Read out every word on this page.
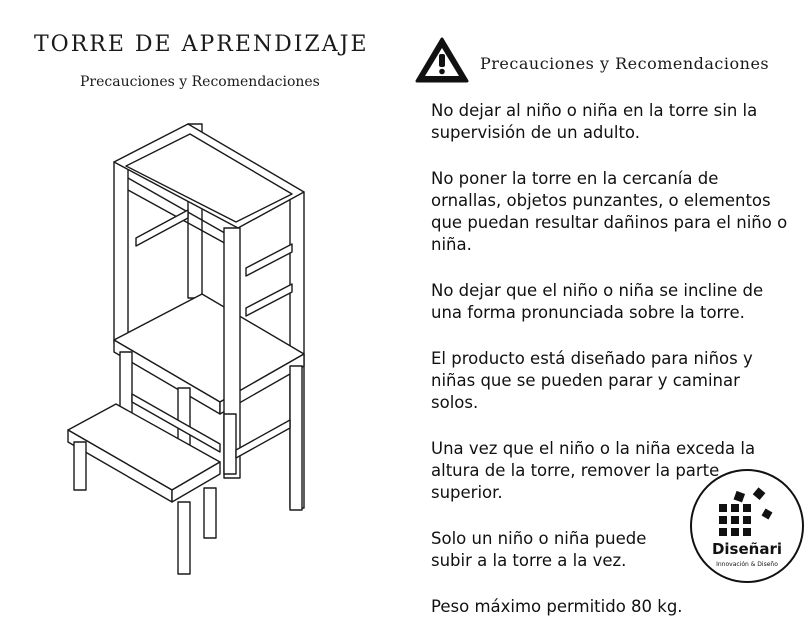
TORRE DE APRENDIZAJE
Precauciones y Recomendaciones
Precauciones y Recomendaciones
No dejar al niño o niña en la torre sin la supervisión de un adulto.
No poner la torre en la cercanía de ornallas, objetos punzantes, o elementos que puedan resultar dañinos para el niño o niña.
No dejar que el niño o niña se incline de una forma pronunciada sobre la torre.
El producto está diseñado para niños y niñas que se pueden parar y caminar solos.
Una vez que el niño o la niña exceda la altura de la torre, remover la parte superior.
Solo un niño o niña puede subir a la torre a la vez.
Peso máximo permitido 80 kg.
Diseñari
Innovación & Diseño
